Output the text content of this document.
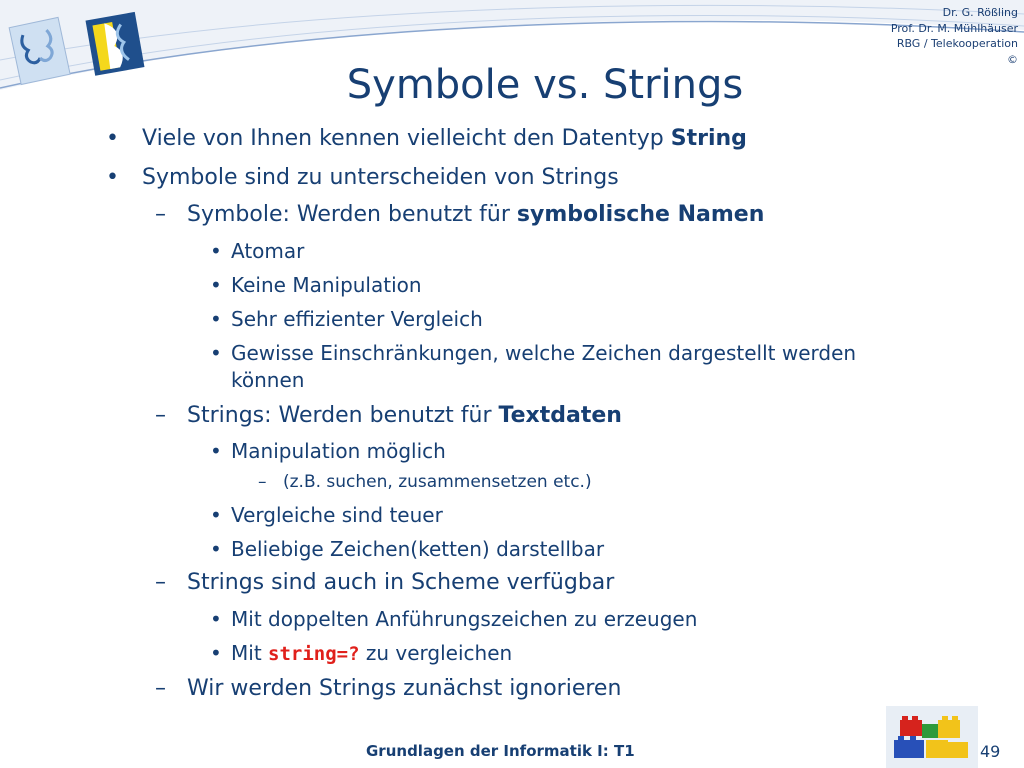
Dr. G. Rößling
Prof. Dr. M. Mühlhäuser
RBG / Telekooperation
©
Symbole vs. Strings
• Viele von Ihnen kennen vielleicht den Datentyp String
• Symbole sind zu unterscheiden von Strings
– Symbole: Werden benutzt für symbolische Namen
• Atomar
• Keine Manipulation
• Sehr effizienter Vergleich
• Gewisse Einschränkungen, welche Zeichen dargestellt werden
können
– Strings: Werden benutzt für Textdaten
• Manipulation möglich
– (z.B. suchen, zusammensetzen etc.)
• Vergleiche sind teuer
• Beliebige Zeichen(ketten) darstellbar
– Strings sind auch in Scheme verfügbar
• Mit doppelten Anführungszeichen zu erzeugen
• Mit string=? zu vergleichen
– Wir werden Strings zunächst ignorieren
Grundlagen der Informatik I: T1	49
